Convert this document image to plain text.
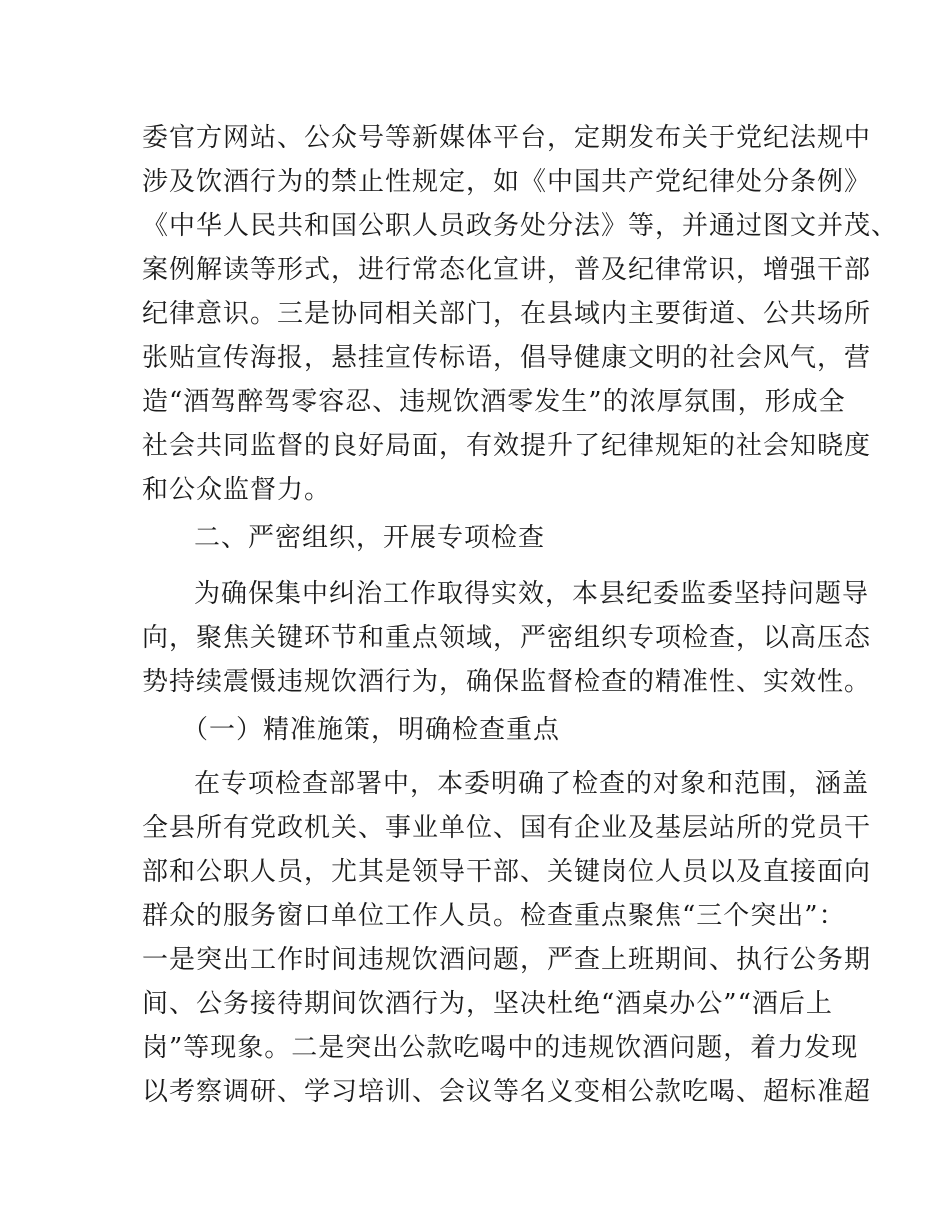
委官方网站、公众号等新媒体平台，定期发布关于党纪法规中
涉及饮酒行为的禁止性规定，如《中国共产党纪律处分条例》
《中华人民共和国公职人员政务处分法》等，并通过图文并茂、
案例解读等形式，进行常态化宣讲，普及纪律常识，增强干部
纪律意识。三是协同相关部门，在县域内主要街道、公共场所
张贴宣传海报，悬挂宣传标语，倡导健康文明的社会风气，营
造“酒驾醉驾零容忍、违规饮酒零发生”的浓厚氛围，形成全
社会共同监督的良好局面，有效提升了纪律规矩的社会知晓度
和公众监督力。
二、严密组织，开展专项检查
为确保集中纠治工作取得实效，本县纪委监委坚持问题导
向，聚焦关键环节和重点领域，严密组织专项检查，以高压态
势持续震慑违规饮酒行为，确保监督检查的精准性、实效性。
（一）精准施策，明确检查重点
在专项检查部署中，本委明确了检查的对象和范围，涵盖
全县所有党政机关、事业单位、国有企业及基层站所的党员干
部和公职人员，尤其是领导干部、关键岗位人员以及直接面向
群众的服务窗口单位工作人员。检查重点聚焦“三个突出”：
一是突出工作时间违规饮酒问题，严查上班期间、执行公务期
间、公务接待期间饮酒行为，坚决杜绝“酒桌办公”“酒后上
岗”等现象。二是突出公款吃喝中的违规饮酒问题，着力发现
以考察调研、学习培训、会议等名义变相公款吃喝、超标准超
